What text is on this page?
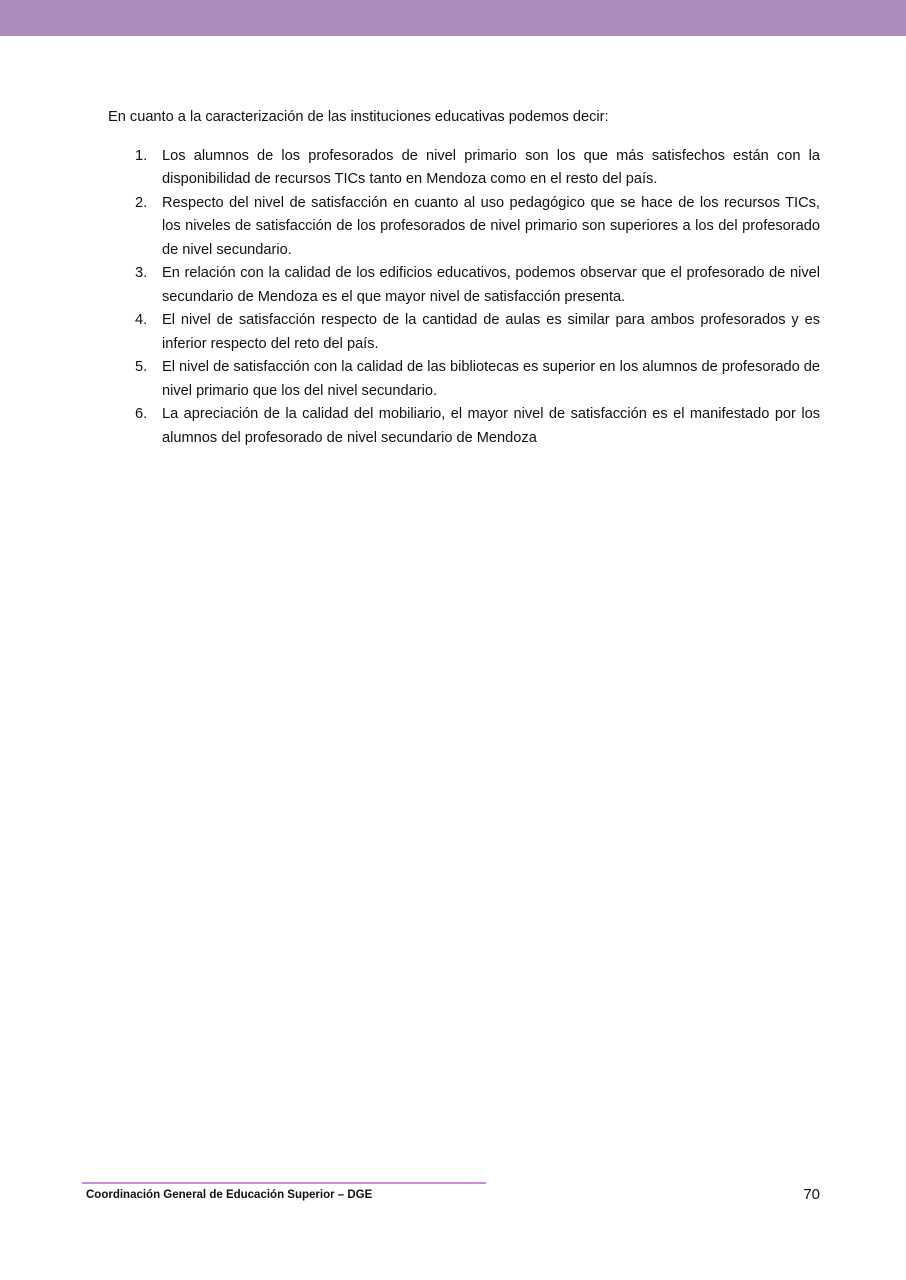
En cuanto a la caracterización de las instituciones educativas podemos decir:

1. Los alumnos de los profesorados de nivel primario son los que más satisfechos están con la disponibilidad de recursos TICs tanto en Mendoza como en el resto del país.
2. Respecto del nivel de satisfacción en cuanto al uso pedagógico que se hace de los recursos TICs, los niveles de satisfacción de los profesorados de nivel primario son superiores a los del profesorado de nivel secundario.
3. En relación con la calidad de los edificios educativos, podemos observar que el profesorado de nivel secundario de Mendoza es el que mayor nivel de satisfacción presenta.
4. El nivel de satisfacción respecto de la cantidad de aulas es similar para ambos profesorados y es inferior respecto del reto del país.
5. El nivel de satisfacción con la calidad de las bibliotecas es superior en los alumnos de profesorado de nivel primario que los del nivel secundario.
6. La apreciación de la calidad del mobiliario, el mayor nivel de satisfacción es el manifestado por los alumnos del profesorado de nivel secundario de Mendoza
Coordinación General de Educación Superior – DGE	70
